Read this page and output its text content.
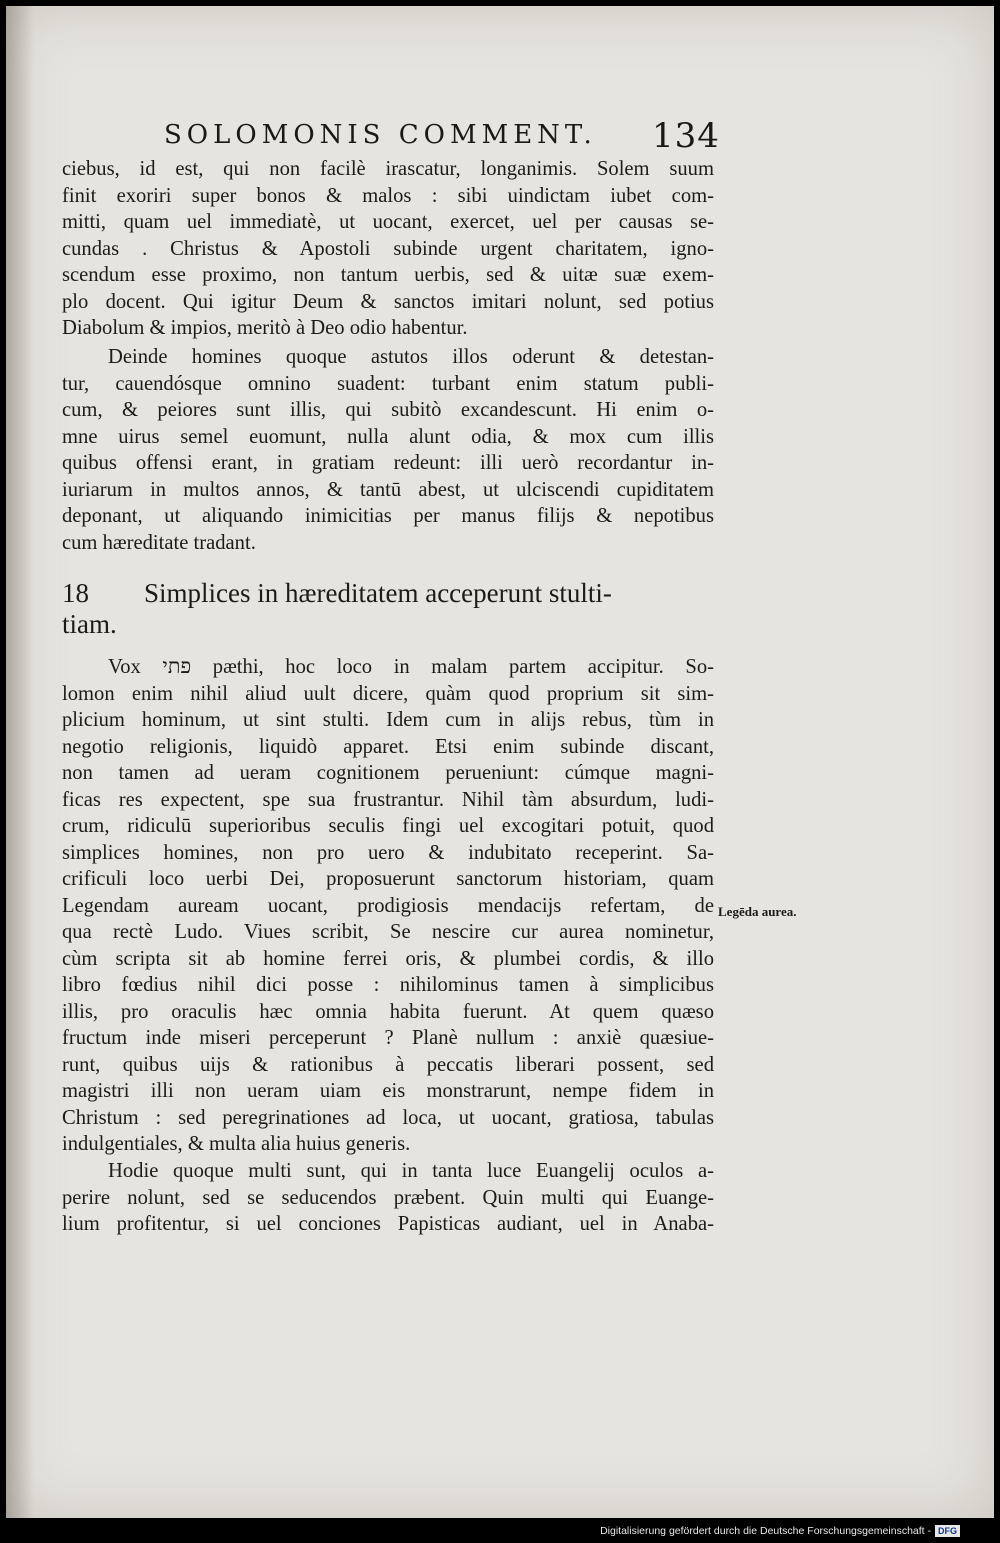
SOLOMONIS COMMENT.	134
ciebus, id est, qui non facilè irascatur, longanimis. Solem suum
finit exoriri super bonos & malos : sibi uindictam iubet com-
mitti, quam uel immediatè, ut uocant, exercet, uel per causas se-
cundas . Christus & Apostoli subinde urgent charitatem, igno-
scendum esse proximo, non tantum uerbis, sed & uitæ suæ exem-
plo docent. Qui igitur Deum & sanctos imitari nolunt, sed potius
Diabolum & impios, meritò à Deo odio habentur.
Deinde homines quoque astutos illos oderunt & detestan-
tur, cauendósque omnino suadent: turbant enim statum publi-
cum, & peiores sunt illis, qui subitò excandescunt. Hi enim o-
mne uirus semel euomunt, nulla alunt odia, & mox cum illis
quibus offensi erant, in gratiam redeunt: illi uerò recordantur in-
iuriarum in multos annos, & tantū abest, ut ulciscendi cupiditatem
deponant, ut aliquando inimicitias per manus filijs & nepotibus
cum hæreditate tradant.
18 Simplices in hæreditatem acceperunt stulti-
tiam.
Vox פתי pæthi, hoc loco in malam partem accipitur. So-
lomon enim nihil aliud uult dicere, quàm quod proprium sit sim-
plicium hominum, ut sint stulti. Idem cum in alijs rebus, tùm in
negotio religionis, liquidò apparet. Etsi enim subinde discant,
non tamen ad ueram cognitionem perueniunt: cúmque magni-
ficas res expectent, spe sua frustrantur. Nihil tàm absurdum, ludi-
crum, ridiculū superioribus seculis fingi uel excogitari potuit, quod
simplices homines, non pro uero & indubitato receperint. Sa-
crificuli loco uerbi Dei, proposuerunt sanctorum historiam, quam
Legendam auream uocant, prodigiosis mendacijs refertam, de
qua rectè Ludo. Viues scribit, Se nescire cur aurea nominetur,
cùm scripta sit ab homine ferrei oris, & plumbei cordis, & illo
libro fœdius nihil dici posse : nihilominus tamen à simplicibus
illis, pro oraculis hæc omnia habita fuerunt. At quem quæso
fructum inde miseri perceperunt ? Planè nullum : anxiè quæsiue-
runt, quibus uijs & rationibus à peccatis liberari possent, sed
magistri illi non ueram uiam eis monstrarunt, nempe fidem in
Christum : sed peregrinationes ad loca, ut uocant, gratiosa, tabulas
indulgentiales, & multa alia huius generis.
Hodie quoque multi sunt, qui in tanta luce Euangelij oculos a-
perire nolunt, sed se seducendos præbent. Quin multi qui Euange-
lium profitentur, si uel conciones Papisticas audiant, uel in Anaba-
Legēda aurea.
Digitalisierung gefördert durch die Deutsche Forschungsgemeinschaft - DFG
